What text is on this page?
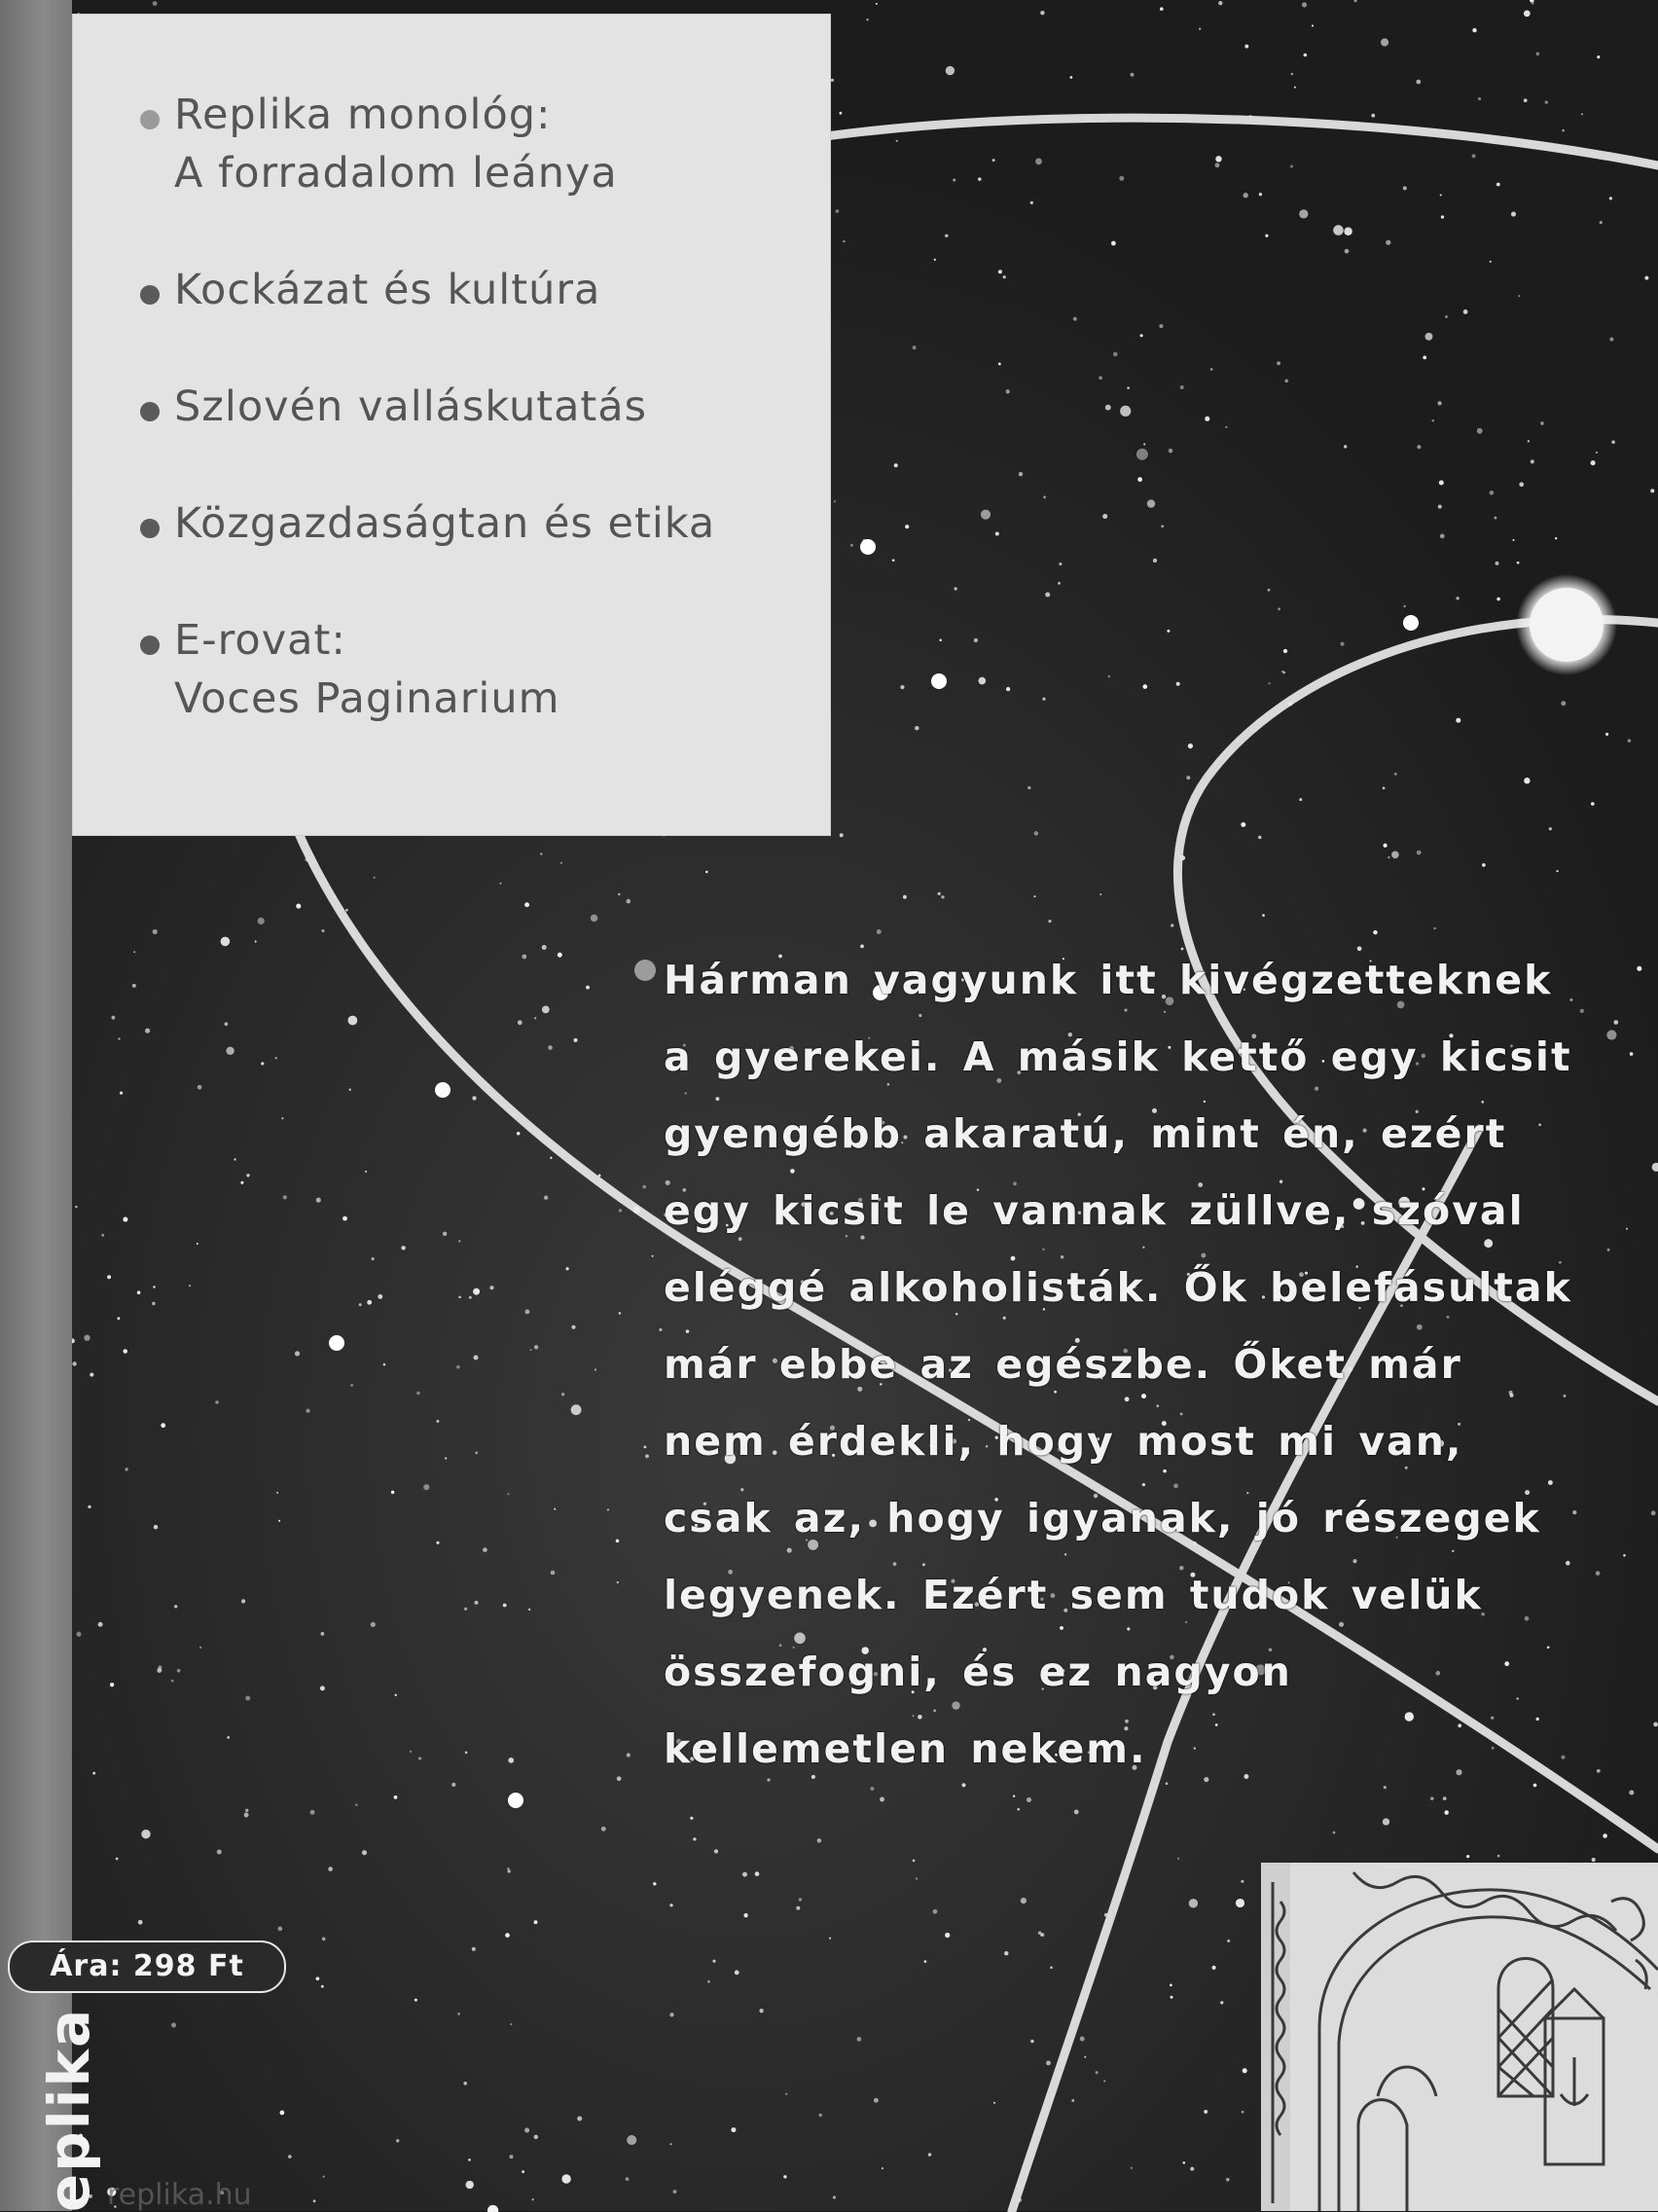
eplika
Replika monológ:
A forradalom leánya
Kockázat és kultúra
Szlovén valláskutatás
Közgazdaságtan és etika
E-rovat:
Voces Paginarium

Hárman vagyunk itt kivégzetteknek
a gyerekei. A másik kettő egy kicsit
gyengébb akaratú, mint én, ezért
egy kicsit le vannak züllve, szóval
eléggé alkoholisták. Ők belefásultak
már ebbe az egészbe. Őket már
nem érdekli, hogy most mi van,
csak az, hogy igyanak, jó részegek
legyenek. Ezért sem tudok velük
összefogni, és ez nagyon
kellemetlen nekem.

Ára: 298 Ft
replika.hu
